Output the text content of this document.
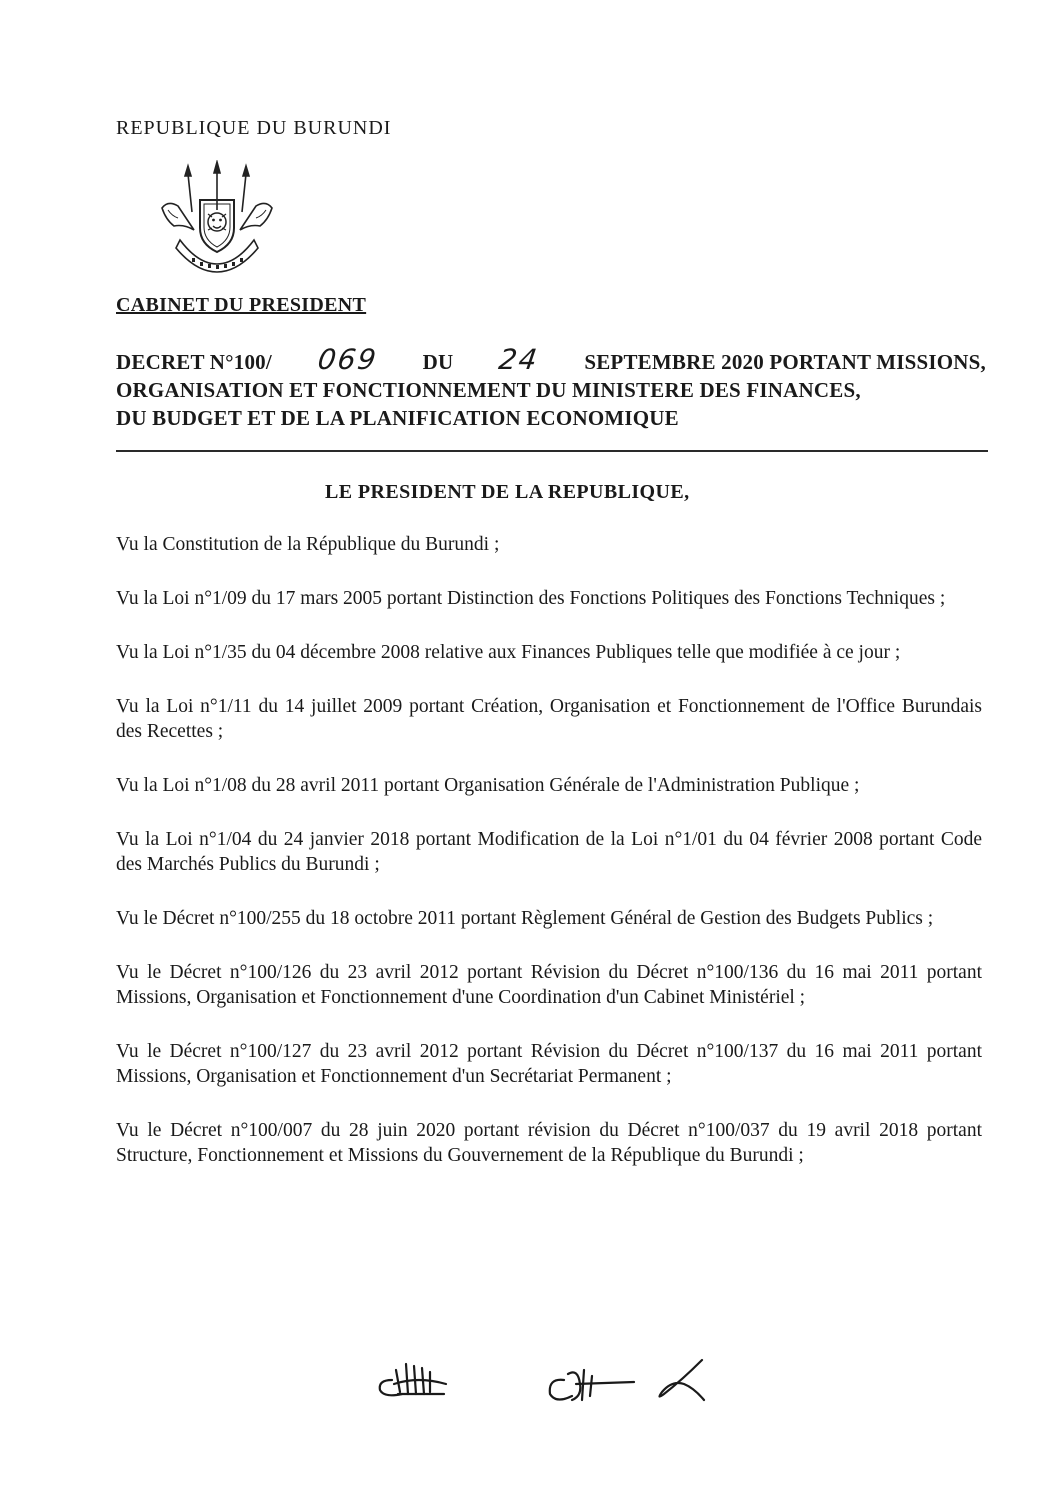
REPUBLIQUE DU BURUNDI
CABINET DU PRESIDENT
DECRET N°100/ 069 DU 24 SEPTEMBRE 2020 PORTANT MISSIONS,
ORGANISATION ET FONCTIONNEMENT DU MINISTERE DES FINANCES,
DU BUDGET ET DE LA PLANIFICATION ECONOMIQUE
LE PRESIDENT DE LA REPUBLIQUE,

Vu la Constitution de la République du Burundi ;

Vu la Loi n°1/09 du 17 mars 2005 portant Distinction des Fonctions Politiques des Fonctions Techniques ;

Vu la Loi n°1/35 du 04 décembre 2008 relative aux Finances Publiques telle que modifiée à ce jour ;

Vu la Loi n°1/11 du 14 juillet 2009 portant Création, Organisation et Fonctionnement de l'Office Burundais des Recettes ;

Vu la Loi n°1/08 du 28 avril 2011 portant Organisation Générale de l'Administration Publique ;

Vu la Loi n°1/04 du 24 janvier 2018 portant Modification de la Loi n°1/01 du 04 février 2008 portant Code des Marchés Publics du Burundi ;

Vu le Décret n°100/255 du 18 octobre 2011 portant Règlement Général de Gestion des Budgets Publics ;

Vu le Décret n°100/126 du 23 avril 2012 portant Révision du Décret n°100/136 du 16 mai 2011 portant Missions, Organisation et Fonctionnement d'une Coordination d'un Cabinet Ministériel ;

Vu le Décret n°100/127 du 23 avril 2012 portant Révision du Décret n°100/137 du 16 mai 2011 portant Missions, Organisation et Fonctionnement d'un Secrétariat Permanent ;

Vu le Décret n°100/007 du 28 juin 2020 portant révision du Décret n°100/037 du 19 avril 2018 portant Structure, Fonctionnement et Missions du Gouvernement de la République du Burundi ;
